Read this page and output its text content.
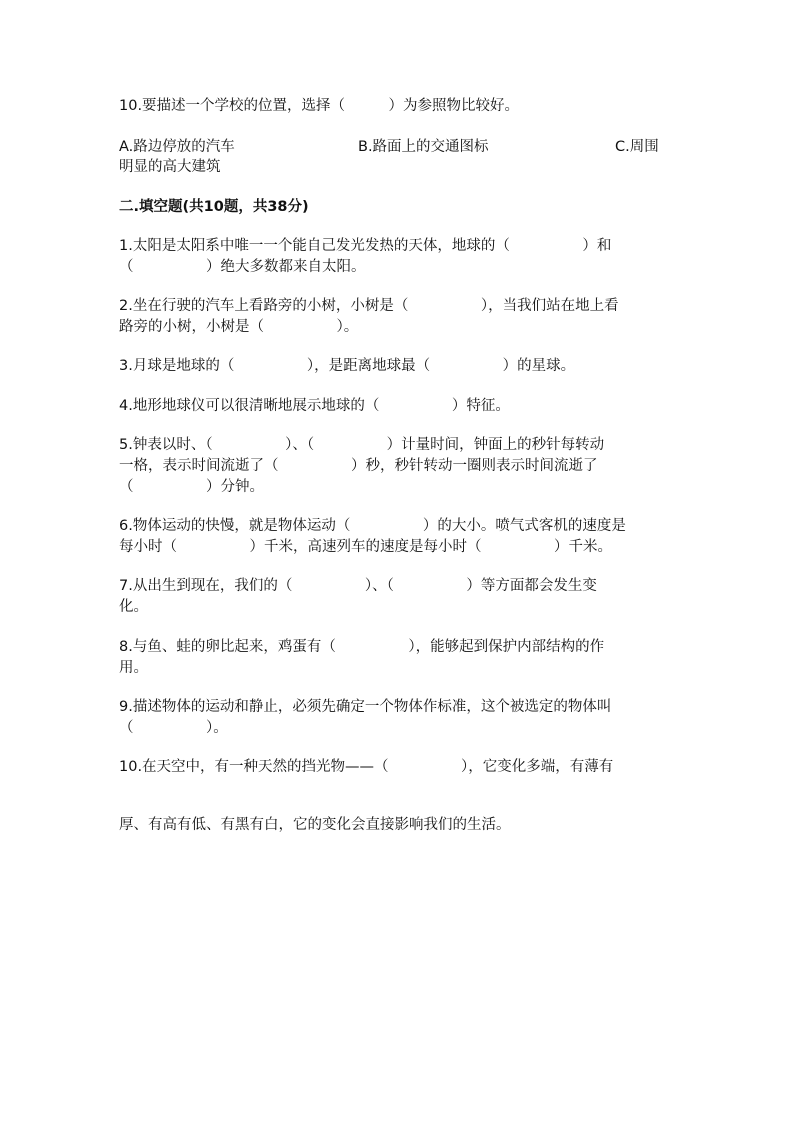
10.要描述一个学校的位置，选择（　　　）为参照物比较好。
A.路边停放的汽车	B.路面上的交通图标	C.周围
明显的高大建筑
二.填空题(共10题，共38分)
1.太阳是太阳系中唯一一个能自己发光发热的天体，地球的（　　　　　）和
（　　　　　）绝大多数都来自太阳。
2.坐在行驶的汽车上看路旁的小树，小树是（　　　　　），当我们站在地上看
路旁的小树，小树是（　　　　　）。
3.月球是地球的（　　　　　），是距离地球最（　　　　　）的星球。
4.地形地球仪可以很清晰地展示地球的（　　　　　）特征。
5.钟表以时、（　　　　　）、（　　　　　）计量时间，钟面上的秒针每转动
一格，表示时间流逝了（　　　　　）秒，秒针转动一圈则表示时间流逝了
（　　　　　）分钟。
6.物体运动的快慢，就是物体运动（　　　　　）的大小。喷气式客机的速度是
每小时（　　　　　）千米，高速列车的速度是每小时（　　　　　）千米。
7.从出生到现在，我们的（　　　　　）、（　　　　　）等方面都会发生变
化。
8.与鱼、蛙的卵比起来，鸡蛋有（　　　　　），能够起到保护内部结构的作
用。
9.描述物体的运动和静止，必须先确定一个物体作标准，这个被选定的物体叫
（　　　　　）。
10.在天空中，有一种天然的挡光物——（　　　　　），它变化多端，有薄有
厚、有高有低、有黑有白，它的变化会直接影响我们的生活。
